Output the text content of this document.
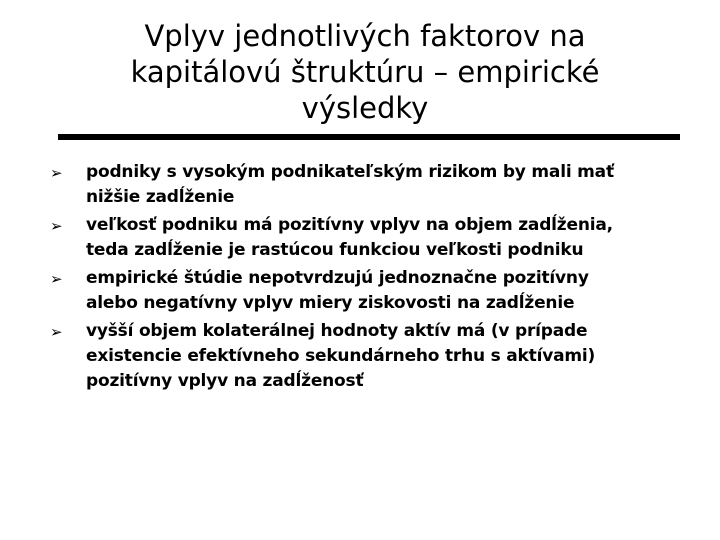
Vplyv jednotlivých faktorov na
kapitálovú štruktúru – empirické
výsledky
➢ podniky s vysokým podnikateľským rizikom by mali mať
nižšie zadĺženie
➢ veľkosť podniku má pozitívny vplyv na objem zadĺženia,
teda zadĺženie je rastúcou funkciou veľkosti podniku
➢ empirické štúdie nepotvrdzujú jednoznačne pozitívny
alebo negatívny vplyv miery ziskovosti na zadĺženie
➢ vyšší objem kolaterálnej hodnoty aktív má (v prípade
existencie efektívneho sekundárneho trhu s aktívami)
pozitívny vplyv na zadĺženosť
